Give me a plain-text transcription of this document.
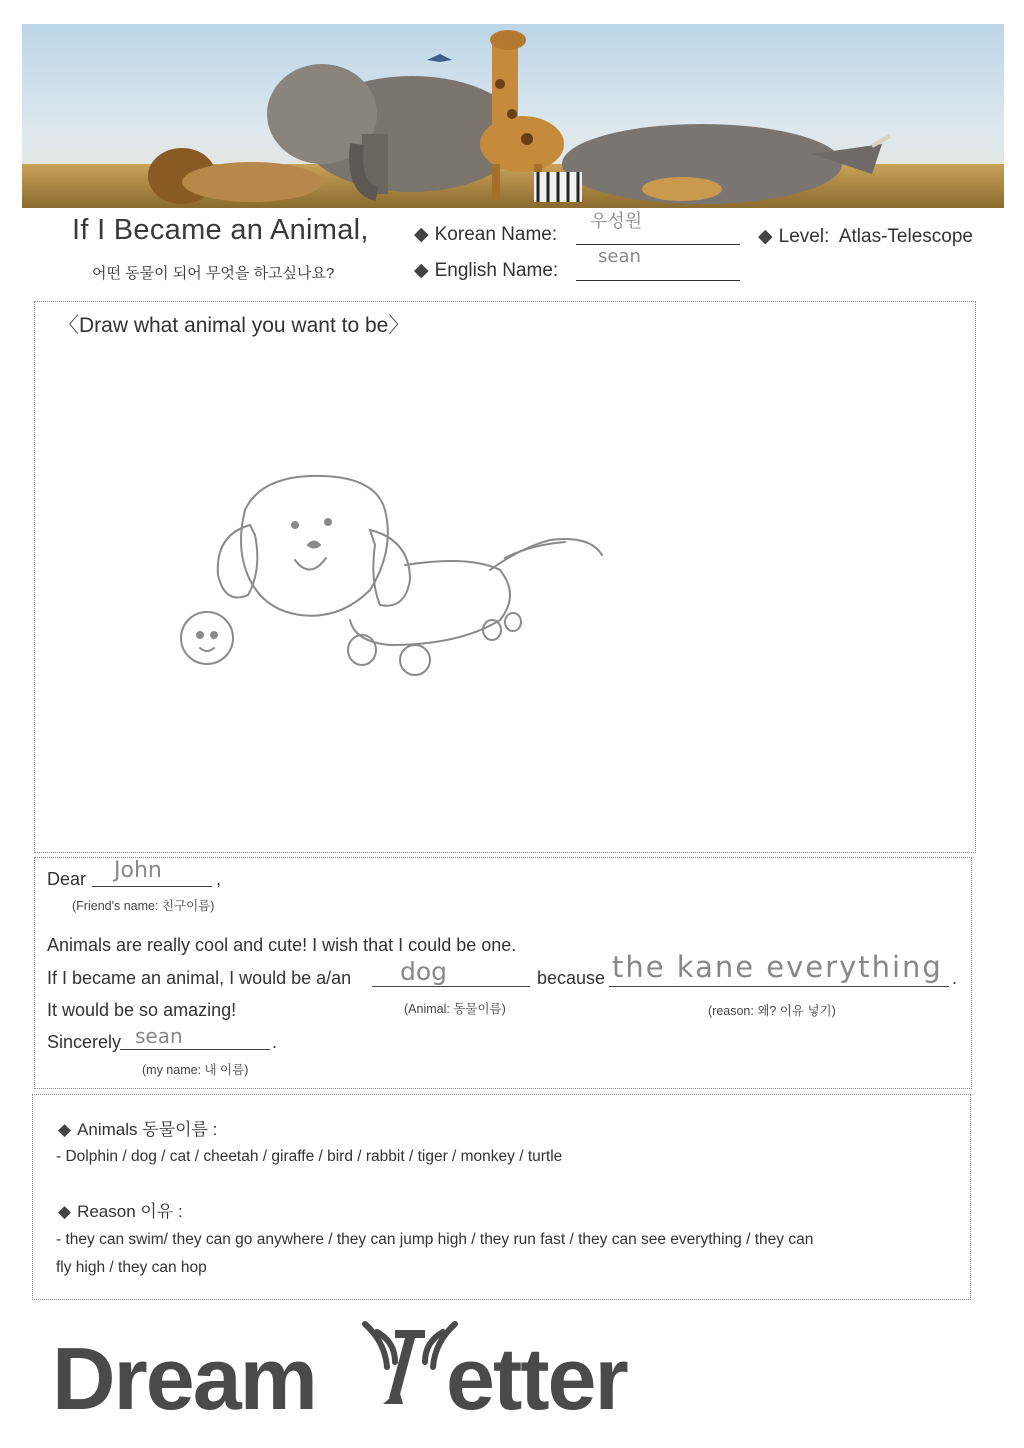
If I Became an Animal,
어떤 동물이 되어 무엇을 하고싶나요?
◆ Korean Name:
우성원
◆ English Name:
sean
◆ Level: Atlas-Telescope
〈Draw what animal you want to be〉
Dear John	,
(Friend's name: 친구이름)
Animals are really cool and cute! I wish that I could be one.
If I became an animal, I would be a/an dog	because the kane everything .
(Animal: 동물이름)	(reason: 왜? 이유 넣기)
It would be so amazing!
Sincerely sean	.
(my name: 내 이름)
◆ Animals 동물이름 :
- Dolphin / dog / cat / cheetah / giraffe / bird / rabbit / tiger / monkey / turtle
◆ Reason 이유 :
- they can swim/ they can go anywhere / they can jump high / they run fast / they can see everything / they can
fly high / they can hop
Dream etter
